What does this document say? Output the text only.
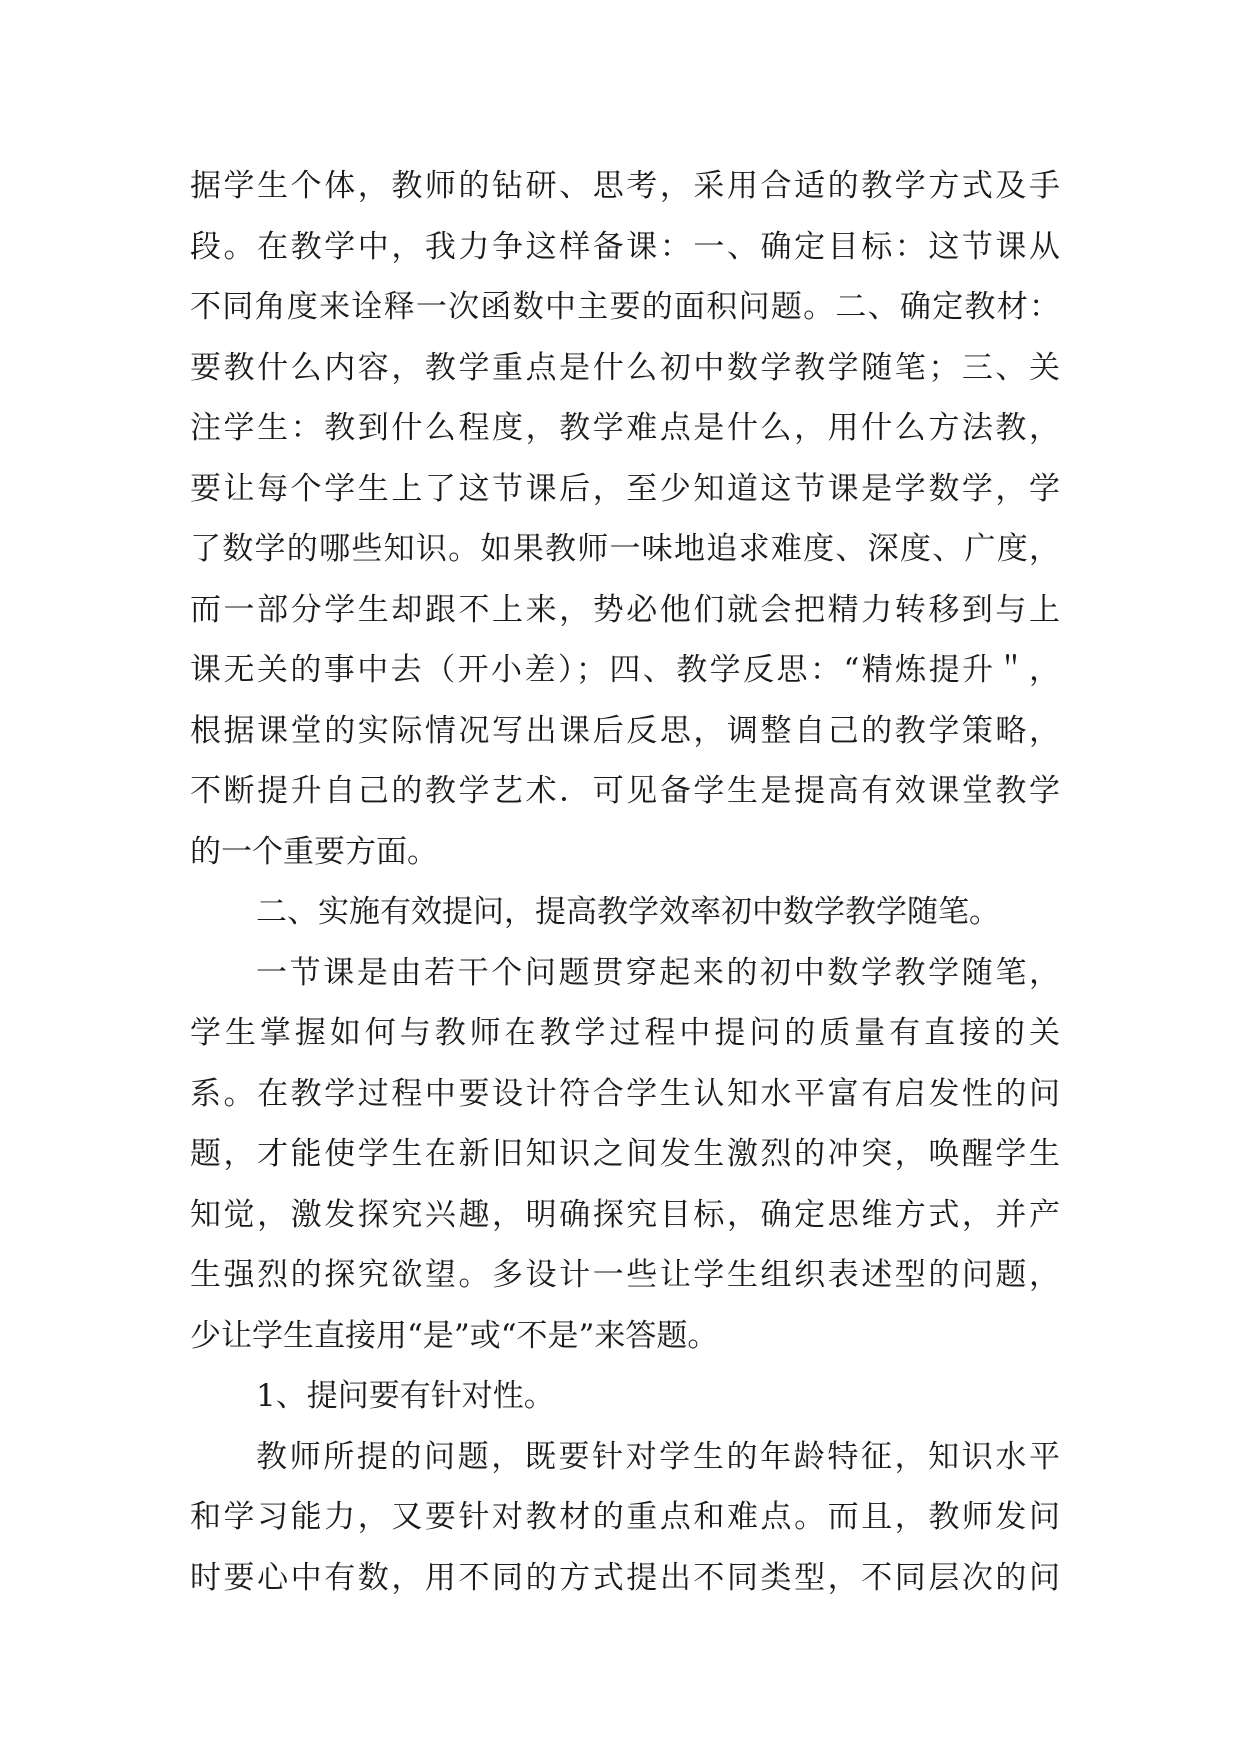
据学生个体，教师的钻研、思考，采用合适的教学方式及手
段。在教学中，我力争这样备课：一、确定目标：这节课从
不同角度来诠释一次函数中主要的面积问题。二、确定教材：
要教什么内容，教学重点是什么初中数学教学随笔；三、关
注学生：教到什么程度，教学难点是什么，用什么方法教，
要让每个学生上了这节课后，至少知道这节课是学数学，学
了数学的哪些知识。如果教师一味地追求难度、深度、广度，
而一部分学生却跟不上来，势必他们就会把精力转移到与上
课无关的事中去（开小差）；四、教学反思：“精炼提升＂，
根据课堂的实际情况写出课后反思，调整自己的教学策略，
不断提升自己的教学艺术．可见备学生是提高有效课堂教学
的一个重要方面。
二、实施有效提问，提高教学效率初中数学教学随笔。
一节课是由若干个问题贯穿起来的初中数学教学随笔，
学生掌握如何与教师在教学过程中提问的质量有直接的关
系。在教学过程中要设计符合学生认知水平富有启发性的问
题，才能使学生在新旧知识之间发生激烈的冲突，唤醒学生
知觉，激发探究兴趣，明确探究目标，确定思维方式，并产
生强烈的探究欲望。多设计一些让学生组织表述型的问题，
少让学生直接用“是”或“不是”来答题。
1、提问要有针对性。
教师所提的问题，既要针对学生的年龄特征，知识水平
和学习能力，又要针对教材的重点和难点。而且，教师发问
时要心中有数，用不同的方式提出不同类型，不同层次的问
